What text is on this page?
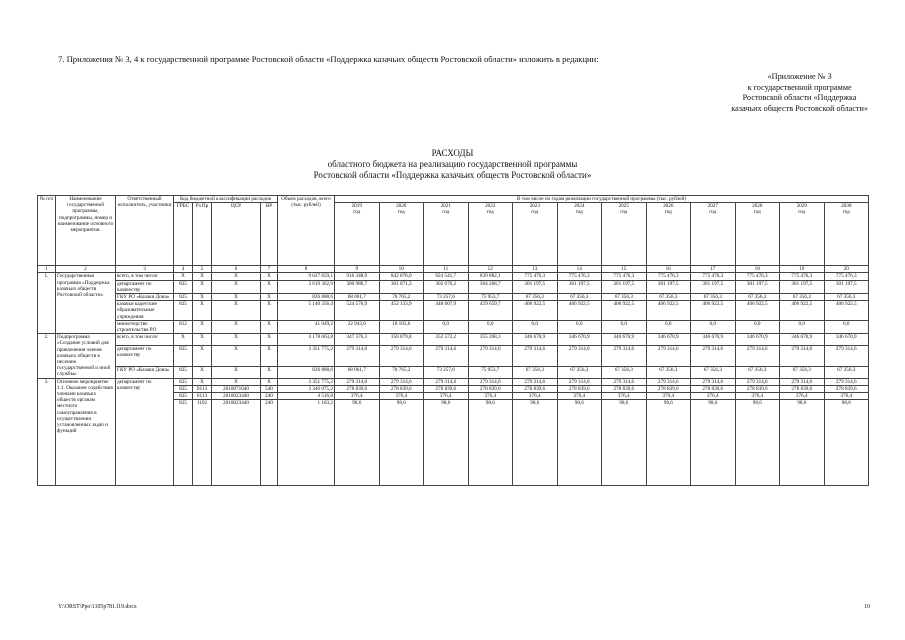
7. Приложения № 3, 4 к государственной программе Ростовской области «Поддержка казачьих обществ Ростовской области» изложить в редакции:
«Приложение № 3
к государственной программе
Ростовской области «Поддержка
казачьих обществ Ростовской области»
РАСХОДЫ
областного бюджета на реализацию государственной программы
Ростовской области «Поддержка казачьих обществ Ростовской области»
№ п/п	Наименование государственной программы, подпрограммы, номер и наименование основного мероприятия.	Ответственный исполнитель, участники	Код бюджетной классификации расходов				Объем расходов, всего (тыс. рублей)	В том числе по годам реализации государственной программы (тыс. рублей)											
			ГРБС	Рз Пр	ЦСР	ВР		2019
год	2020
год	2021
год	2022
год	2023
год	2024
год	2025
год	2026
год	2027
год	2028
год	2029
год	2030
год

1	2	3	4	5	6	7	8	9	10	11	12	13	14	15	16	17	18	19	20
1.	Государственная программа «Поддержка казачьих обществ Ростовской области»	всего, в том числе:	X	X	X	X	9 627 659,1	916 348,9	842 876,0	824 541,7	839 882,1	775 476,3	775 476,3	775 476,3	775 476,3	775 476,3	775 476,3	775 476,3	775 476,3
		департамент по казачеству	825	X	X	X	3 619 362,9	300 986,7	301 871,3	302 676,2	304 268,7	301 197,5	301 197,5	301 197,5	301 197,5	301 197,5	301 197,5	301 197,5	301 197,5
		ГКУ РО «Казаки Дона»	825	X	X	X	826 888,6	68 061,7	70 765,2	73 257,6	75 953,7	67 356,3	67 356,3	67 356,3	67 356,3	67 356,3	67 356,3	67 356,3	67 356,3
		казачьи кадетские образовательные учреждения	825	X	X	X	5 140 356,4	524 576,9	452 133,9	448 607,9	459 659,7	406 922,5	406 922,5	406 922,5	406 922,5	406 922,5	406 922,5	406 922,5	406 922,5
		министерство строительства РО	812	X	X	X	41 049,2	22 943,6	18 105,6	0,0	0,0	0,0	0,0	0,0	0,0	0,0	0,0	0,0	0,0
2.	Подпрограмма «Создание условий для привлечения членов казачьих обществ к несению государственной и иной службы»	всего, в том числе:	X	X	X	X	4 178 663,8	347 376,3	350 079,8	352 572,2	355 268,3	346 670,9	346 670,9	346 670,9	346 670,9	346 670,9	346 670,9	346 670,9	346 670,9
		департамент по казачеству	825	X	X	X	3 351 775,2	279 314,6	279 314,6	279 314,6	279 314,6	279 314,6	279 314,6	279 314,6	279 314,6	279 314,6	279 314,6	279 314,6	279 314,6
		ГКУ РО «Казаки Дона»	825	X	X	X	826 888,6	68 061,7	70 765,2	73 257,6	75 953,7	67 356,3	67 356,3	67 356,3	67 356,3	67 356,3	67 356,3	67 356,3	67 356,3
3.	Основное мероприятие 1.1. Оказание содействия членами казачьих обществ органам местного самоуправления в осуществлении установленных задач и функций	департамент по казачеству	825	X	X	X	3 351 775,2	279 314,6	279 314,6	279 314,6	279 314,6	279 314,6	279 314,6	279 314,6	279 314,6	279 314,6	279 314,6	279 314,6	279 314,6
			825	0113	2010071040	540	3 346 075,2	278 839,6	278 839,6	278 839,6	278 839,6	278 839,6	278 839,6	278 839,6	278 839,6	278 839,6	278 839,6	278 839,6	278 839,6
			825	0113	2010023440	240	4 516,8	376,4	376,4	376,4	376,4	376,4	376,4	376,4	376,4	376,4	376,4	376,4	376,4
			825	1102	2010023440	240	1 183,2	98,6	98,6	98,6	98,6	98,6	98,6	98,6	98,6	98,6	98,6	98,6	98,6
Y:\ORST\Ppo\1105p781.f19.docx	10
